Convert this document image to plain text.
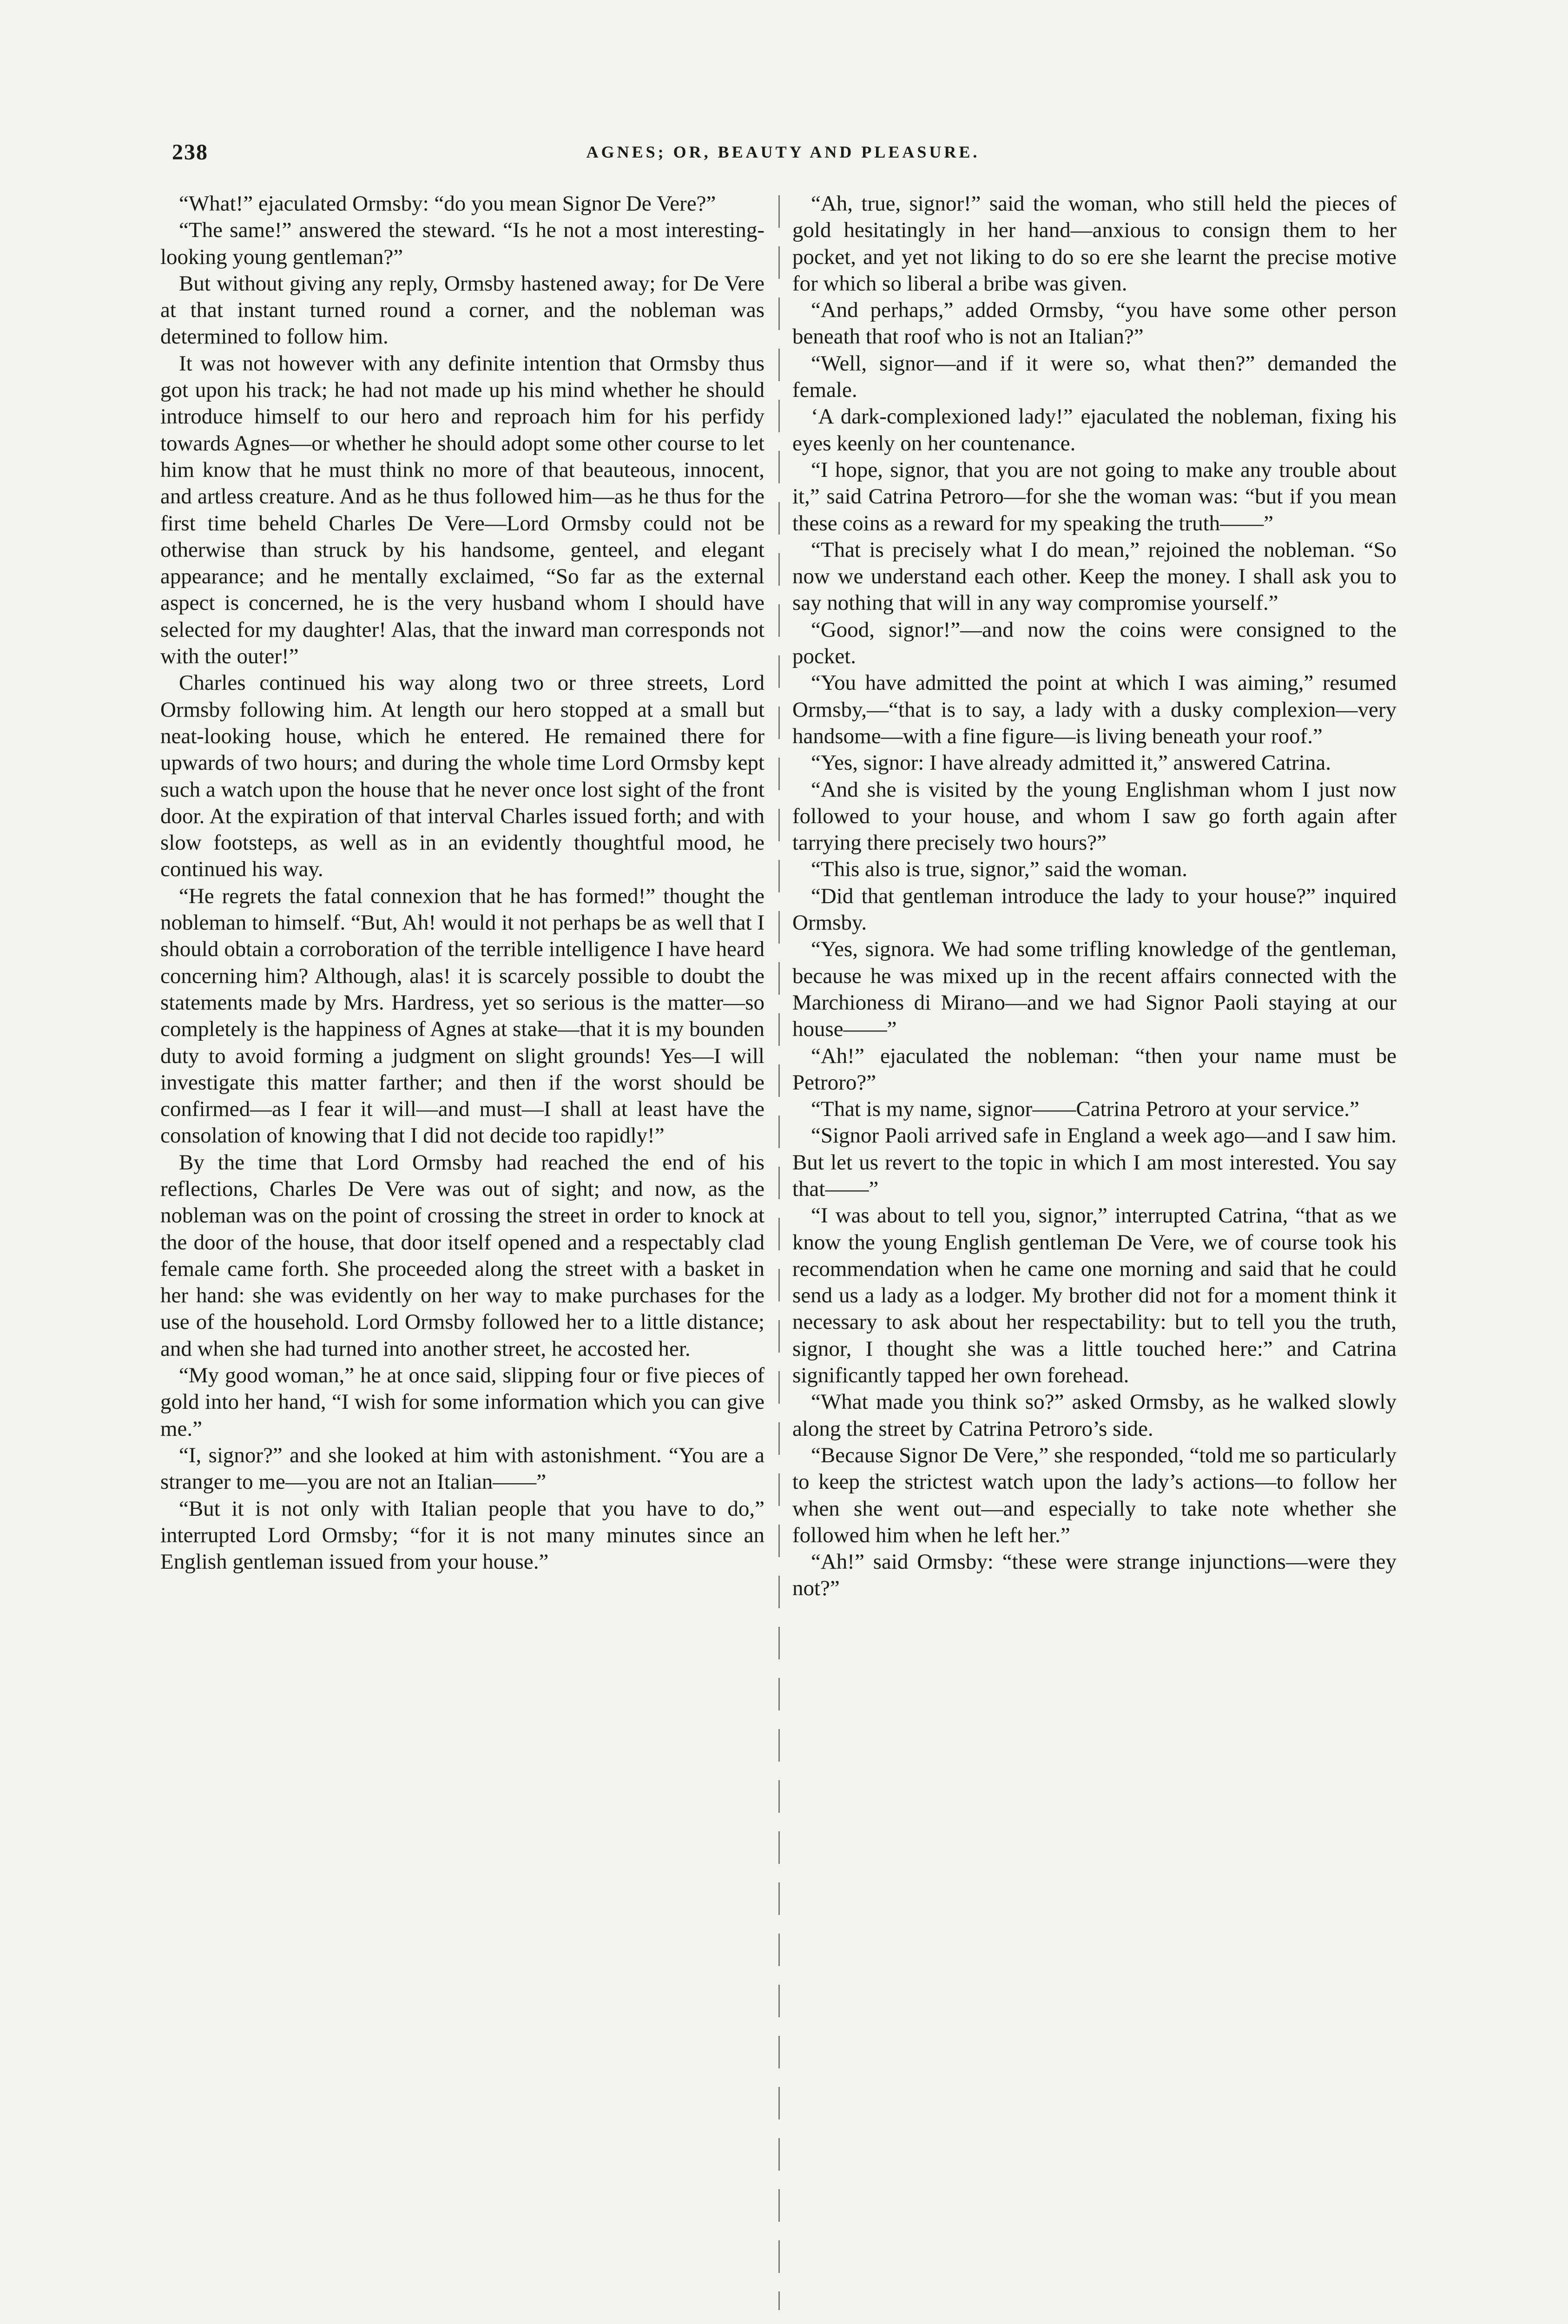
238	AGNES; OR, BEAUTY AND PLEASURE.

“What!” ejaculated Ormsby: “do you mean Signor De Vere?”

“The same!” answered the steward. “Is he not a most interesting-looking young gentleman?”

But without giving any reply, Ormsby hastened away; for De Vere at that instant turned round a corner, and the nobleman was determined to follow him.

It was not however with any definite intention that Ormsby thus got upon his track; he had not made up his mind whether he should introduce himself to our hero and reproach him for his perfidy towards Agnes—or whether he should adopt some other course to let him know that he must think no more of that beauteous, innocent, and artless creature. And as he thus followed him—as he thus for the first time beheld Charles De Vere—Lord Ormsby could not be otherwise than struck by his handsome, genteel, and elegant appearance; and he mentally exclaimed, “So far as the external aspect is concerned, he is the very husband whom I should have selected for my daughter! Alas, that the inward man corresponds not with the outer!”

Charles continued his way along two or three streets, Lord Ormsby following him. At length our hero stopped at a small but neat-looking house, which he entered. He remained there for upwards of two hours; and during the whole time Lord Ormsby kept such a watch upon the house that he never once lost sight of the front door. At the expiration of that interval Charles issued forth; and with slow footsteps, as well as in an evidently thoughtful mood, he continued his way.

“He regrets the fatal connexion that he has formed!” thought the nobleman to himself. “But, Ah! would it not perhaps be as well that I should obtain a corroboration of the terrible intelligence I have heard concerning him? Although, alas! it is scarcely possible to doubt the statements made by Mrs. Hardress, yet so serious is the matter—so completely is the happiness of Agnes at stake—that it is my bounden duty to avoid forming a judgment on slight grounds! Yes—I will investigate this matter farther; and then if the worst should be confirmed—as I fear it will—and must—I shall at least have the consolation of knowing that I did not decide too rapidly!”

By the time that Lord Ormsby had reached the end of his reflections, Charles De Vere was out of sight; and now, as the nobleman was on the point of crossing the street in order to knock at the door of the house, that door itself opened and a respectably clad female came forth. She proceeded along the street with a basket in her hand: she was evidently on her way to make purchases for the use of the household. Lord Ormsby followed her to a little distance; and when she had turned into another street, he accosted her.

“My good woman,” he at once said, slipping four or five pieces of gold into her hand, “I wish for some information which you can give me.”

“I, signor?” and she looked at him with astonishment. “You are a stranger to me—you are not an Italian——”

“But it is not only with Italian people that you have to do,” interrupted Lord Ormsby; “for it is not many minutes since an English gentleman issued from your house.”

“Ah, true, signor!” said the woman, who still held the pieces of gold hesitatingly in her hand—anxious to consign them to her pocket, and yet not liking to do so ere she learnt the precise motive for which so liberal a bribe was given.

“And perhaps,” added Ormsby, “you have some other person beneath that roof who is not an Italian?”

“Well, signor—and if it were so, what then?” demanded the female.

‘A dark-complexioned lady!” ejaculated the nobleman, fixing his eyes keenly on her countenance.

“I hope, signor, that you are not going to make any trouble about it,” said Catrina Petroro—for she the woman was: “but if you mean these coins as a reward for my speaking the truth——”

“That is precisely what I do mean,” rejoined the nobleman. “So now we understand each other. Keep the money. I shall ask you to say nothing that will in any way compromise yourself.”

“Good, signor!”—and now the coins were consigned to the pocket.

“You have admitted the point at which I was aiming,” resumed Ormsby,—“that is to say, a lady with a dusky complexion—very handsome—with a fine figure—is living beneath your roof.”

“Yes, signor: I have already admitted it,” answered Catrina.

“And she is visited by the young Englishman whom I just now followed to your house, and whom I saw go forth again after tarrying there precisely two hours?”

“This also is true, signor,” said the woman.

“Did that gentleman introduce the lady to your house?” inquired Ormsby.

“Yes, signora. We had some trifling knowledge of the gentleman, because he was mixed up in the recent affairs connected with the Marchioness di Mirano—and we had Signor Paoli staying at our house——”

“Ah!” ejaculated the nobleman: “then your name must be Petroro?”

“That is my name, signor——Catrina Petroro at your service.”

“Signor Paoli arrived safe in England a week ago—and I saw him. But let us revert to the topic in which I am most interested. You say that——”

“I was about to tell you, signor,” interrupted Catrina, “that as we know the young English gentleman De Vere, we of course took his recommendation when he came one morning and said that he could send us a lady as a lodger. My brother did not for a moment think it necessary to ask about her respectability: but to tell you the truth, signor, I thought she was a little touched here:” and Catrina significantly tapped her own forehead.

“What made you think so?” asked Ormsby, as he walked slowly along the street by Catrina Petroro’s side.

“Because Signor De Vere,” she responded, “told me so particularly to keep the strictest watch upon the lady’s actions—to follow her when she went out—and especially to take note whether she followed him when he left her.”

“Ah!” said Ormsby: “these were strange injunctions—were they not?”
